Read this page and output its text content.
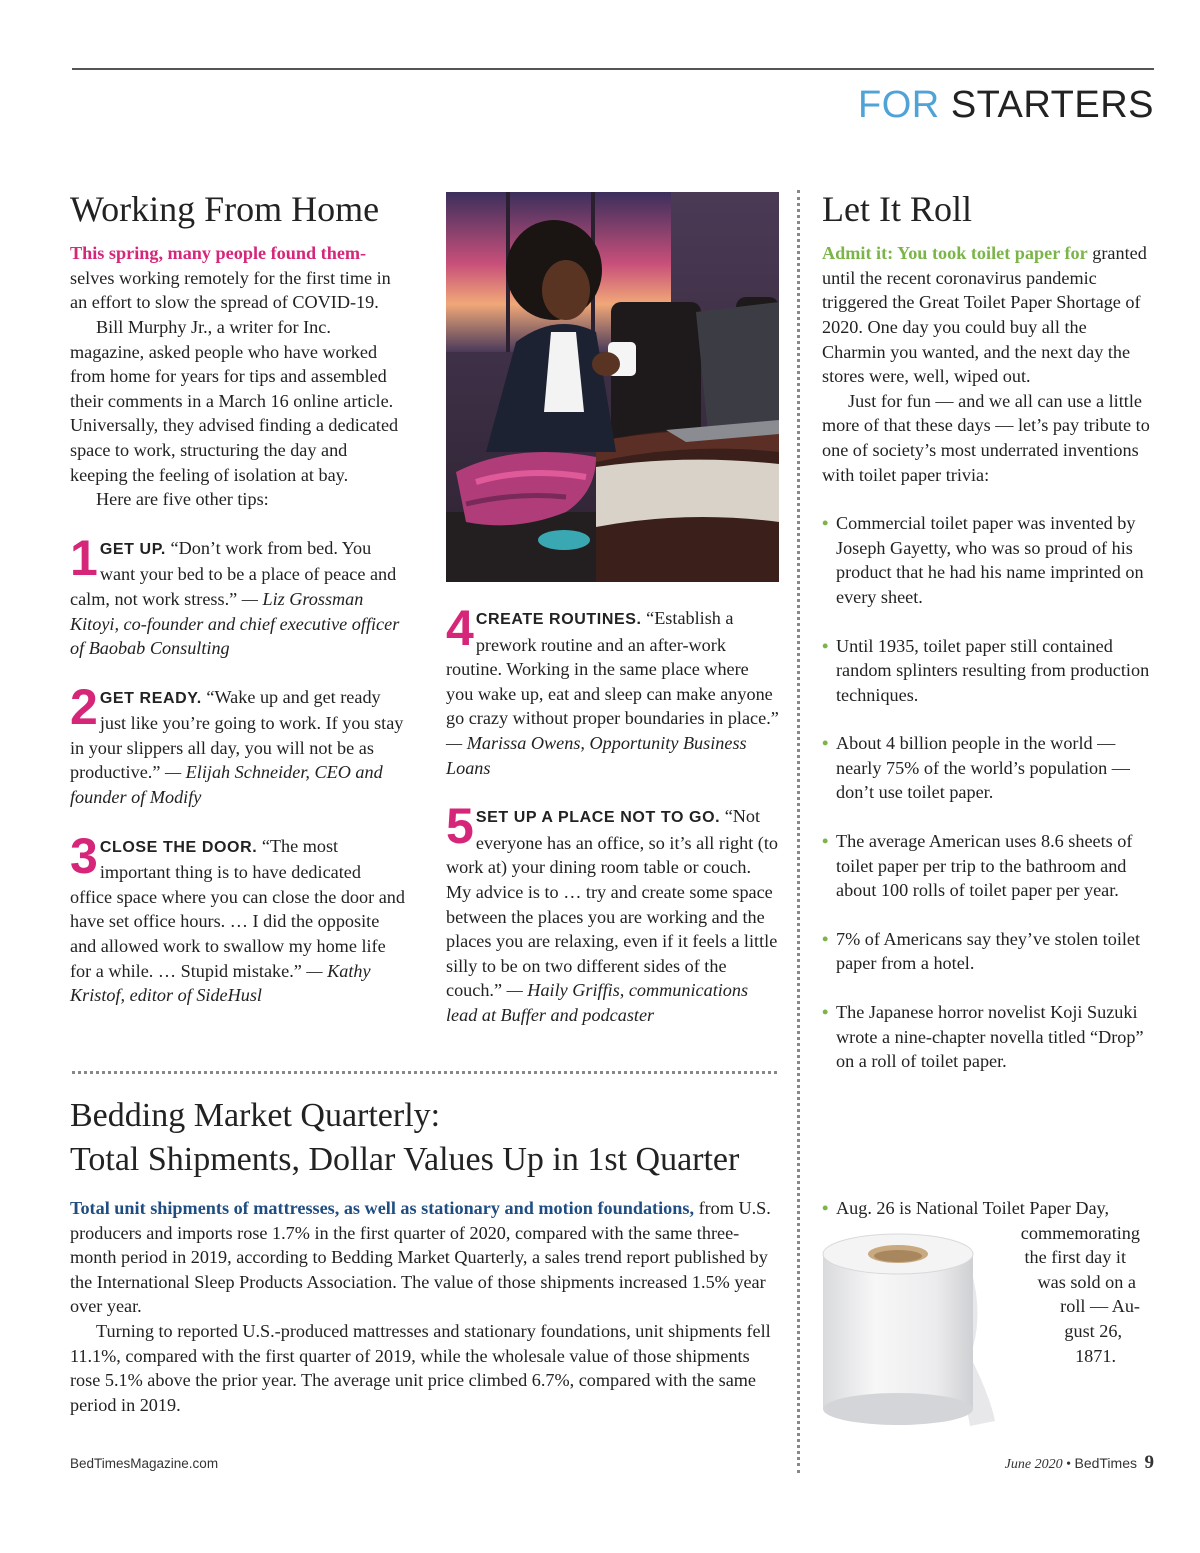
FOR STARTERS
Working From Home

This spring, many people found them- selves working remotely for the first time in an effort to slow the spread of COVID-19.

Bill Murphy Jr., a writer for Inc. magazine, asked people who have worked from home for years for tips and assembled their comments in a March 16 online article. Universally, they advised finding a dedicated space to work, structuring the day and keeping the feeling of isolation at bay.

Here are five other tips:

1 GET UP. “Don’t work from bed. You want your bed to be a place of peace and calm, not work stress.” — Liz Grossman Kitoyi, co-founder and chief executive officer of Baobab Consulting

2 GET READY. “Wake up and get ready just like you’re going to work. If you stay in your slippers all day, you will not be as productive.” — Elijah Schneider, CEO and founder of Modify

3 CLOSE THE DOOR. “The most important thing is to have dedicated office space where you can close the door and have set office hours. … I did the opposite and allowed work to swallow my home life for a while. … Stupid mistake.” — Kathy Kristof, editor of SideHusl

4 CREATE ROUTINES. “Establish a prework routine and an after-work routine. Working in the same place where you wake up, eat and sleep can make anyone go crazy without proper boundaries in place.” — Marissa Owens, Opportunity Business Loans

5 SET UP A PLACE NOT TO GO. “Not everyone has an office, so it’s all right (to work at) your dining room table or couch. My advice is to … try and create some space between the places you are working and the places you are relaxing, even if it feels a little silly to be on two different sides of the couch.” — Haily Griffis, communications lead at Buffer and podcaster

Let It Roll

Admit it: You took toilet paper for granted until the recent coronavirus pandemic triggered the Great Toilet Paper Shortage of 2020. One day you could buy all the Charmin you wanted, and the next day the stores were, well, wiped out.

Just for fun — and we all can use a little more of that these days — let’s pay tribute to one of society’s most underrated inventions with toilet paper trivia:

• Commercial toilet paper was invented by Joseph Gayetty, who was so proud of his product that he had his name imprinted on every sheet.
• Until 1935, toilet paper still contained random splinters resulting from production techniques.
• About 4 billion people in the world — nearly 75% of the world’s population — don’t use toilet paper.
• The average American uses 8.6 sheets of toilet paper per trip to the bathroom and about 100 rolls of toilet paper per year.
• 7% of Americans say they’ve stolen toilet paper from a hotel.
• The Japanese horror novelist Koji Suzuki wrote a nine-chapter novella titled “Drop” on a roll of toilet paper.
• Aug. 26 is National Toilet Paper Day,
commemorating
the first day it
was sold on a
roll — Au-
gust 26,
1871.
Bedding Market Quarterly:
Total Shipments, Dollar Values Up in 1st Quarter

Total unit shipments of mattresses, as well as stationary and motion foundations, from U.S. producers and imports rose 1.7% in the first quarter of 2020, compared with the same three-month period in 2019, according to Bedding Market Quarterly, a sales trend report published by the International Sleep Products Association. The value of those shipments increased 1.5% year over year.

Turning to reported U.S.-produced mattresses and stationary foundations, unit shipments fell 11.1%, compared with the first quarter of 2019, while the wholesale value of those shipments rose 5.1% above the prior year. The average unit price climbed 6.7%, compared with the same period in 2019.

BedTimesMagazine.com	June 2020 • BedTimes 9
